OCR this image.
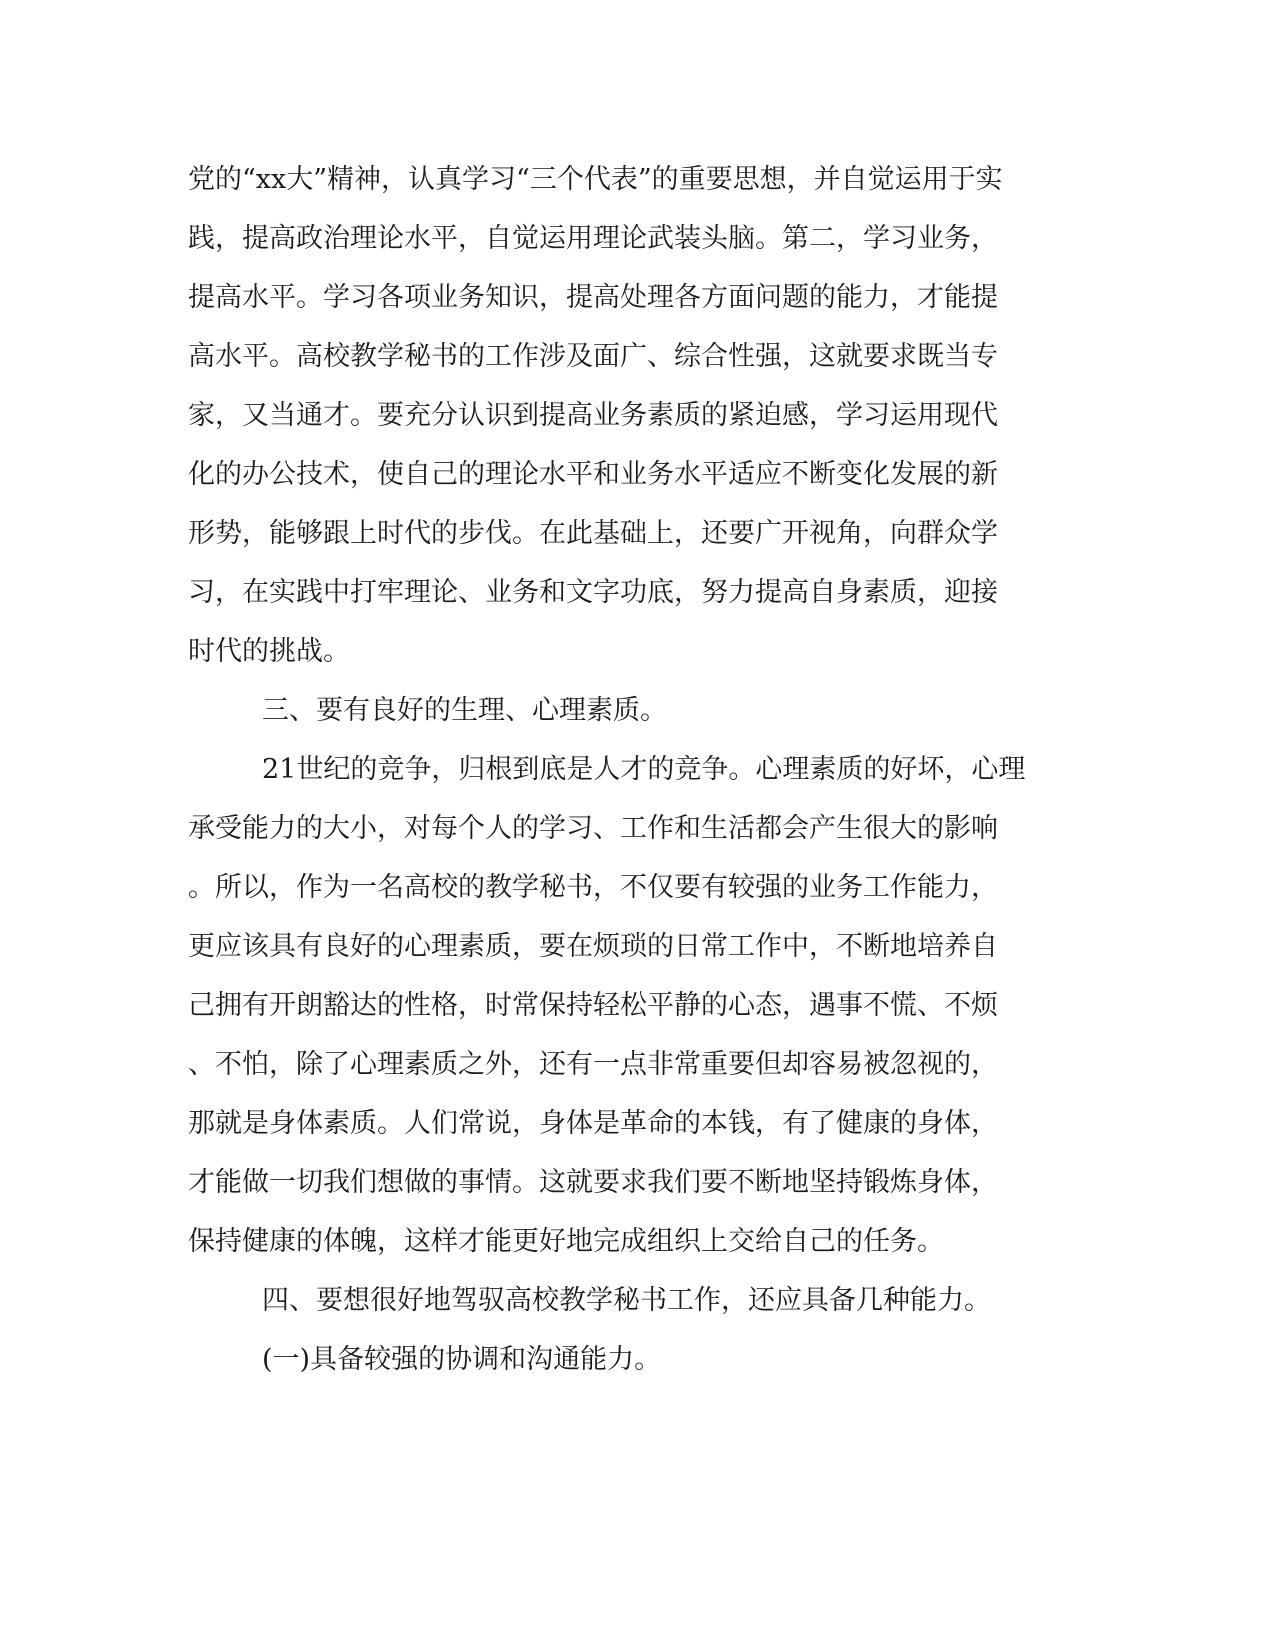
党的“xx大”精神，认真学习“三个代表”的重要思想，并自觉运用于实
践，提高政治理论水平，自觉运用理论武装头脑。第二，学习业务，
提高水平。学习各项业务知识，提高处理各方面问题的能力，才能提
高水平。高校教学秘书的工作涉及面广、综合性强，这就要求既当专
家，又当通才。要充分认识到提高业务素质的紧迫感，学习运用现代
化的办公技术，使自己的理论水平和业务水平适应不断变化发展的新
形势，能够跟上时代的步伐。在此基础上，还要广开视角，向群众学
习，在实践中打牢理论、业务和文字功底，努力提高自身素质，迎接
时代的挑战。
三、要有良好的生理、心理素质。
21世纪的竞争，归根到底是人才的竞争。心理素质的好坏，心理
承受能力的大小，对每个人的学习、工作和生活都会产生很大的影响
。所以，作为一名高校的教学秘书，不仅要有较强的业务工作能力，
更应该具有良好的心理素质，要在烦琐的日常工作中，不断地培养自
己拥有开朗豁达的性格，时常保持轻松平静的心态，遇事不慌、不烦
、不怕，除了心理素质之外，还有一点非常重要但却容易被忽视的，
那就是身体素质。人们常说，身体是革命的本钱，有了健康的身体，
才能做一切我们想做的事情。这就要求我们要不断地坚持锻炼身体，
保持健康的体魄，这样才能更好地完成组织上交给自己的任务。
四、要想很好地驾驭高校教学秘书工作，还应具备几种能力。
(一)具备较强的协调和沟通能力。
